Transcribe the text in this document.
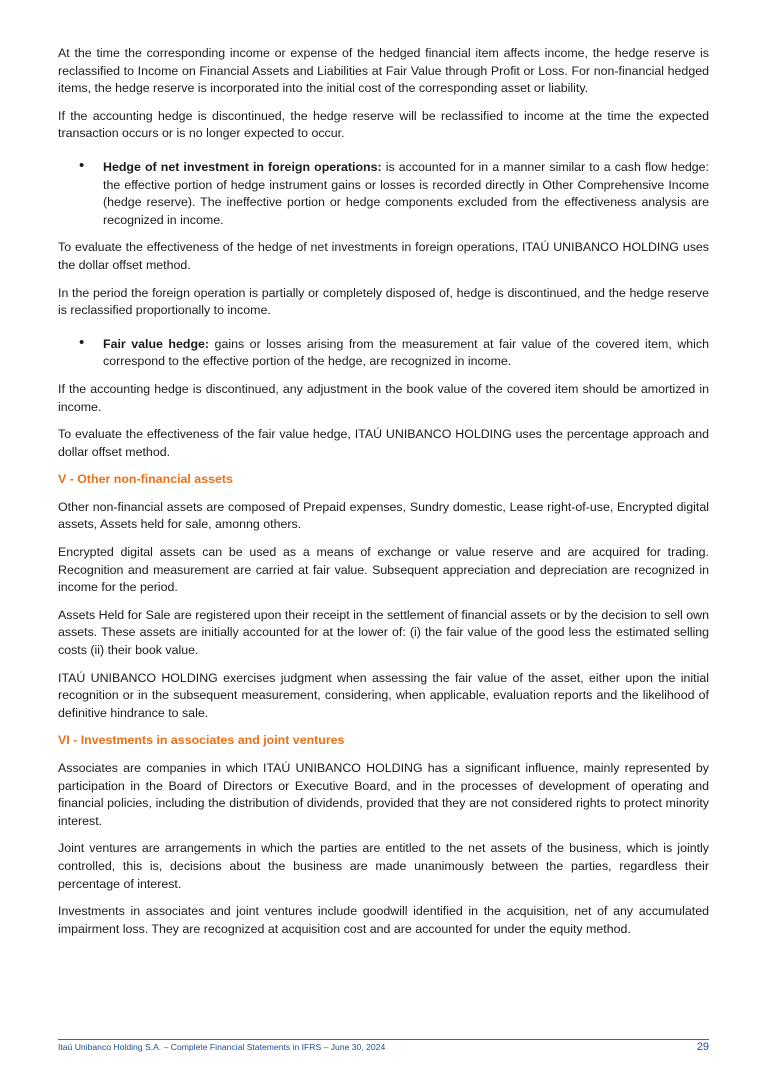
At the time the corresponding income or expense of the hedged financial item affects income, the hedge reserve is reclassified to Income on Financial Assets and Liabilities at Fair Value through Profit or Loss. For non-financial hedged items, the hedge reserve is incorporated into the initial cost of the corresponding asset or liability.

If the accounting hedge is discontinued, the hedge reserve will be reclassified to income at the time the expected transaction occurs or is no longer expected to occur.

•	Hedge of net investment in foreign operations: is accounted for in a manner similar to a cash flow hedge: the effective portion of hedge instrument gains or losses is recorded directly in Other Comprehensive Income (hedge reserve). The ineffective portion or hedge components excluded from the effectiveness analysis are recognized in income.

To evaluate the effectiveness of the hedge of net investments in foreign operations, ITAÚ UNIBANCO HOLDING uses the dollar offset method.

In the period the foreign operation is partially or completely disposed of, hedge is discontinued, and the hedge reserve is reclassified proportionally to income.

•	Fair value hedge: gains or losses arising from the measurement at fair value of the covered item, which correspond to the effective portion of the hedge, are recognized in income.

If the accounting hedge is discontinued, any adjustment in the book value of the covered item should be amortized in income.

To evaluate the effectiveness of the fair value hedge, ITAÚ UNIBANCO HOLDING uses the percentage approach and dollar offset method.

V - Other non-financial assets

Other non-financial assets are composed of Prepaid expenses, Sundry domestic, Lease right-of-use, Encrypted digital assets, Assets held for sale, amonng others.

Encrypted digital assets can be used as a means of exchange or value reserve and are acquired for trading. Recognition and measurement are carried at fair value. Subsequent appreciation and depreciation are recognized in income for the period.

Assets Held for Sale are registered upon their receipt in the settlement of financial assets or by the decision to sell own assets. These assets are initially accounted for at the lower of: (i) the fair value of the good less the estimated selling costs (ii) their book value.

ITAÚ UNIBANCO HOLDING exercises judgment when assessing the fair value of the asset, either upon the initial recognition or in the subsequent measurement, considering, when applicable, evaluation reports and the likelihood of definitive hindrance to sale.

VI - Investments in associates and joint ventures

Associates are companies in which ITAÚ UNIBANCO HOLDING has a significant influence, mainly represented by participation in the Board of Directors or Executive Board, and in the processes of development of operating and financial policies, including the distribution of dividends, provided that they are not considered rights to protect minority interest.

Joint ventures are arrangements in which the parties are entitled to the net assets of the business, which is jointly controlled, this is, decisions about the business are made unanimously between the parties, regardless their percentage of interest.

Investments in associates and joint ventures include goodwill identified in the acquisition, net of any accumulated impairment loss. They are recognized at acquisition cost and are accounted for under the equity method.

Itaú Unibanco Holding S.A. – Complete Financial Statements in IFRS – June 30, 2024	29
